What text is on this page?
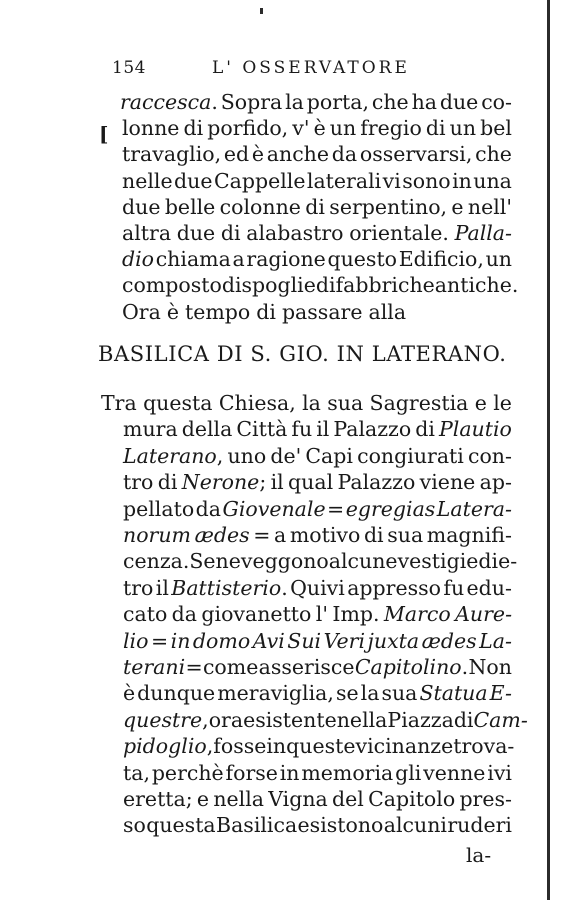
154	L' OSSERVATORE
[
raccesca. Sopra la porta, che ha due co-
lonne di porfido, v' è un fregio di un bel
travaglio, ed è anche da osservarsi, che
nelle due Cappelle laterali vi sono in una
due belle colonne di serpentino, e nell'
altra due di alabastro orientale. Palla-
dio chiama a ragione questo Edificio, un
composto di spoglie di fabbriche antiche.
Ora è tempo di passare alla
BASILICA DI S. GIO. IN LATERANO.
Tra questa Chiesa, la sua Sagrestia e le
mura della Città fu il Palazzo di Plautio
Laterano, uno de' Capi congiurati con-
tro di Nerone; il qual Palazzo viene ap-
pellato da Giovenale = egregias Latera-
norum ædes = a motivo di sua magnifi-
cenza. Se ne veggono alcune vestigie die-
tro il Battisterio. Quivi appresso fu edu-
cato da giovanetto l' Imp. Marco Aure-
lio = in domo Avi Sui Veri juxta ædes La-
terani = come asserisce Capitolino. Non
è dunque meraviglia, se la sua Statua E-
questre, ora esistente nella Piazza di Cam-
pidoglio, fosse in queste vicinanze trova-
ta, perchè forse in memoria gli venne ivi
eretta; e nella Vigna del Capitolo pres-
so questa Basilica esistono alcuni ruderi
la-
